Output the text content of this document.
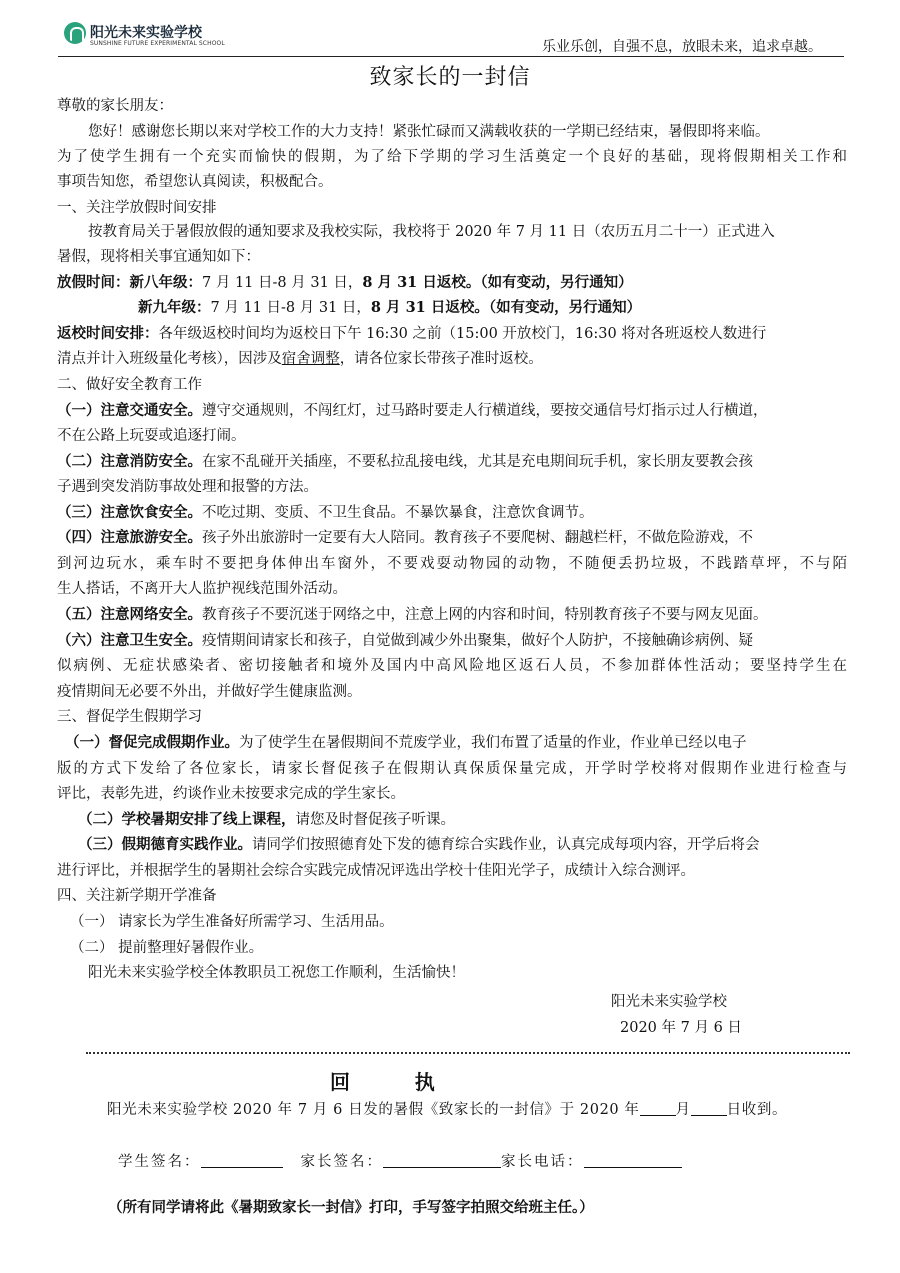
阳光未来实验学校
SUNSHINE FUTURE EXPERIMENTAL SCHOOL	乐业乐创，自强不息，放眼未来，追求卓越。
致家长的一封信
尊敬的家长朋友：
您好！感谢您长期以来对学校工作的大力支持！紧张忙碌而又满载收获的一学期已经结束，暑假即将来临。
为了使学生拥有一个充实而愉快的假期，为了给下学期的学习生活奠定一个良好的基础，现将假期相关工作和
事项告知您，希望您认真阅读，积极配合。
一、关注学放假时间安排
按教育局关于暑假放假的通知要求及我校实际，我校将于 2020 年 7 月 11 日（农历五月二十一）正式进入
暑假，现将相关事宜通知如下：
放假时间：新八年级：7 月 11 日-8 月 31 日，8 月 31 日返校。（如有变动，另行通知）
新九年级：7 月 11 日-8 月 31 日，8 月 31 日返校。（如有变动，另行通知）
返校时间安排：各年级返校时间均为返校日下午 16:30 之前（15:00 开放校门，16:30 将对各班返校人数进行
清点并计入班级量化考核），因涉及宿舍调整，请各位家长带孩子准时返校。
二、做好安全教育工作
（一）注意交通安全。遵守交通规则，不闯红灯，过马路时要走人行横道线，要按交通信号灯指示过人行横道，
不在公路上玩耍或追逐打闹。
（二）注意消防安全。在家不乱碰开关插座，不要私拉乱接电线，尤其是充电期间玩手机，家长朋友要教会孩
子遇到突发消防事故处理和报警的方法。
（三）注意饮食安全。不吃过期、变质、不卫生食品。不暴饮暴食，注意饮食调节。
（四）注意旅游安全。孩子外出旅游时一定要有大人陪同。教育孩子不要爬树、翻越栏杆，不做危险游戏，不
到河边玩水，乘车时不要把身体伸出车窗外，不要戏耍动物园的动物，不随便丢扔垃圾，不践踏草坪，不与陌
生人搭话，不离开大人监护视线范围外活动。
（五）注意网络安全。教育孩子不要沉迷于网络之中，注意上网的内容和时间，特别教育孩子不要与网友见面。
（六）注意卫生安全。疫情期间请家长和孩子，自觉做到减少外出聚集，做好个人防护，不接触确诊病例、疑
似病例、无症状感染者、密切接触者和境外及国内中高风险地区返石人员，不参加群体性活动；要坚持学生在
疫情期间无必要不外出，并做好学生健康监测。
三、督促学生假期学习
（一）督促完成假期作业。为了使学生在暑假期间不荒废学业，我们布置了适量的作业，作业单已经以电子
版的方式下发给了各位家长，请家长督促孩子在假期认真保质保量完成，开学时学校将对假期作业进行检查与
评比，表彰先进，约谈作业未按要求完成的学生家长。
（二）学校暑期安排了线上课程，请您及时督促孩子听课。
（三）假期德育实践作业。请同学们按照德育处下发的德育综合实践作业，认真完成每项内容，开学后将会
进行评比，并根据学生的暑期社会综合实践完成情况评选出学校十佳阳光学子，成绩计入综合测评。
四、关注新学期开学准备
（一） 请家长为学生准备好所需学习、生活用品。
（二） 提前整理好暑假作业。
阳光未来实验学校全体教职员工祝您工作顺利，生活愉快！
阳光未来实验学校
2020 年 7 月 6 日
回        执
阳光未来实验学校 2020 年 7 月 6 日发的暑假《致家长的一封信》于 2020 年 月 日收到。
学生签名：	家长签名：	家长电话：
（所有同学请将此《暑期致家长一封信》打印，手写签字拍照交给班主任。）
